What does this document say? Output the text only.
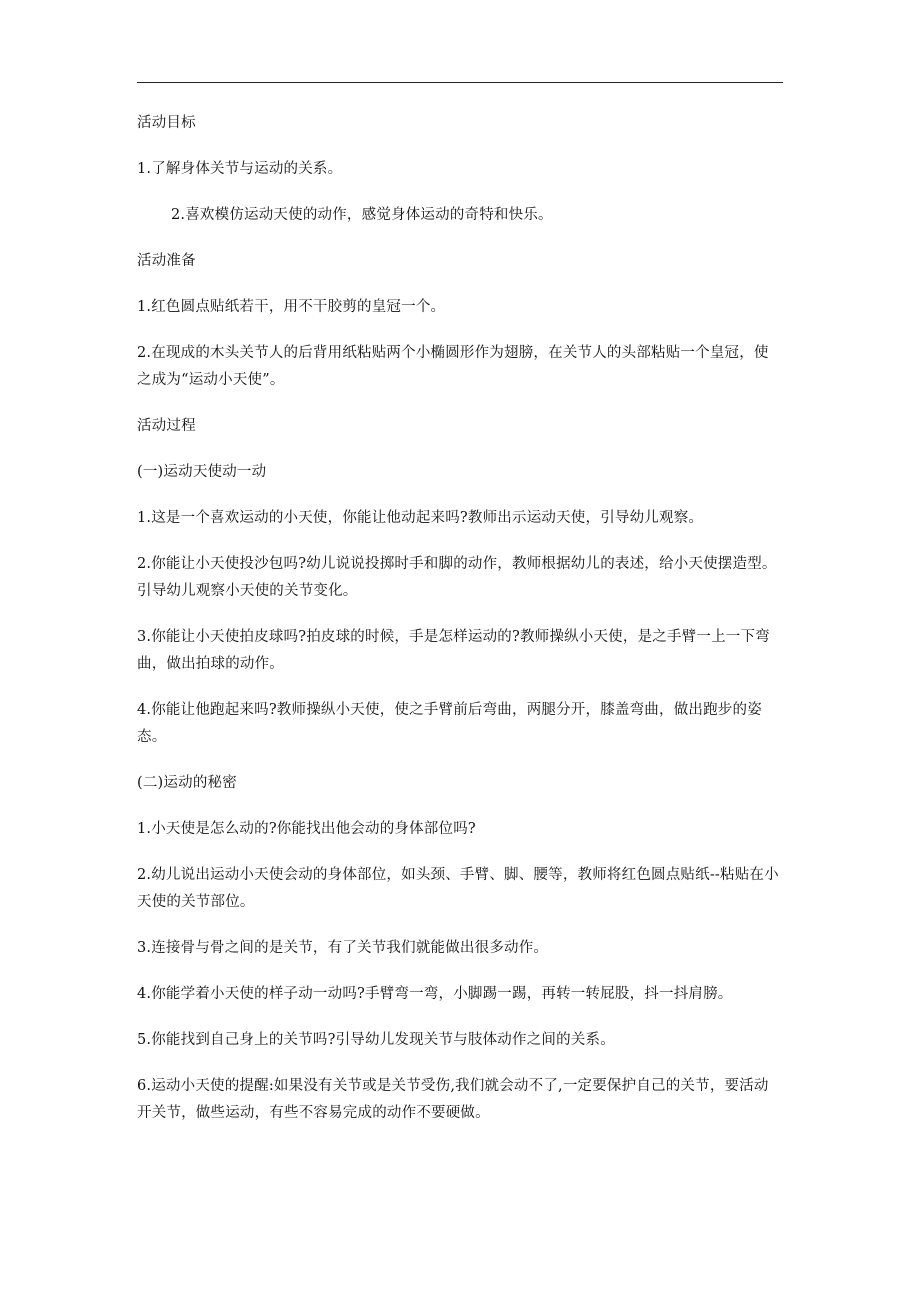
活动目标

1.了解身体关节与运动的关系。

2.喜欢模仿运动天使的动作，感觉身体运动的奇特和快乐。

活动准备

1.红色圆点贴纸若干，用不干胶剪的皇冠一个。

2.在现成的木头关节人的后背用纸粘贴两个小椭圆形作为翅膀，在关节人的头部粘贴一个皇冠，使之成为“运动小天使”。

活动过程

(一)运动天使动一动

1.这是一个喜欢运动的小天使，你能让他动起来吗?教师出示运动天使，引导幼儿观察。

2.你能让小天使投沙包吗?幼儿说说投掷时手和脚的动作，教师根据幼儿的表述，给小天使摆造型。引导幼儿观察小天使的关节变化。

3.你能让小天使拍皮球吗?拍皮球的时候，手是怎样运动的?教师操纵小天使，是之手臂一上一下弯曲，做出拍球的动作。

4.你能让他跑起来吗?教师操纵小天使，使之手臂前后弯曲，两腿分开，膝盖弯曲，做出跑步的姿态。

(二)运动的秘密

1.小天使是怎么动的?你能找出他会动的身体部位吗?

2.幼儿说出运动小天使会动的身体部位，如头颈、手臂、脚、腰等，教师将红色圆点贴纸--粘贴在小天使的关节部位。

3.连接骨与骨之间的是关节，有了关节我们就能做出很多动作。

4.你能学着小天使的样子动一动吗?手臂弯一弯，小脚踢一踢，再转一转屁股，抖一抖肩膀。

5.你能找到自己身上的关节吗?引导幼儿发现关节与肢体动作之间的关系。

6.运动小天使的提醒:如果没有关节或是关节受伤,我们就会动不了,一定要保护自己的关节，要活动开关节，做些运动，有些不容易完成的动作不要硬做。
